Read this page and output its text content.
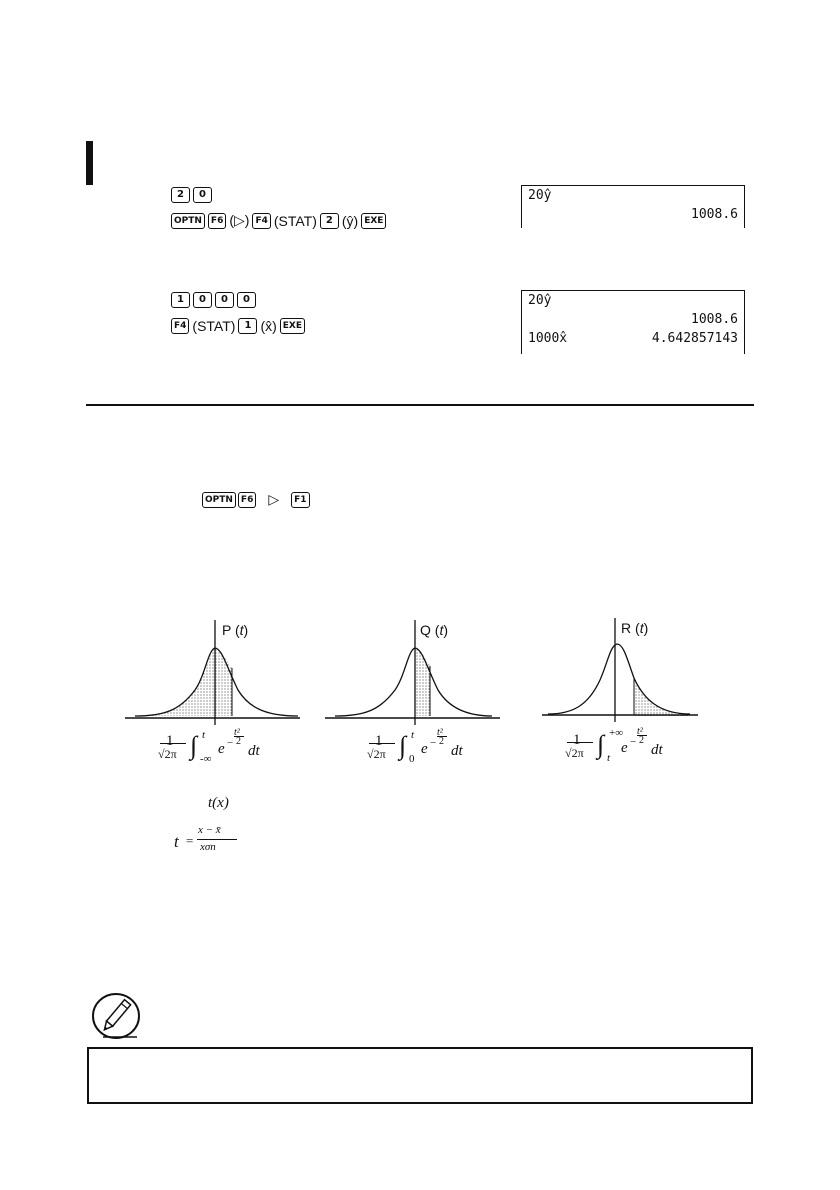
2	0
OPTN	F6 (▷) F4 (STAT) 2 (ŷ) EXE
20ŷ
1008.6
1	0	0	0
F4 (STAT) 1 (x̂) EXE
20ŷ
1008.6
1000x̂	4.642857143
OPTN F6 ▷	F1
P (t)	Q (t)	R (t)
1
√2π ∫ t
-∞
e −
t²
2
dt
1
√2π ∫ t
0
e −
t²
2
dt
1
√2π ∫ +∞
t
e −
t²
2
dt
t(x)
t =
x − x̄
xσn
